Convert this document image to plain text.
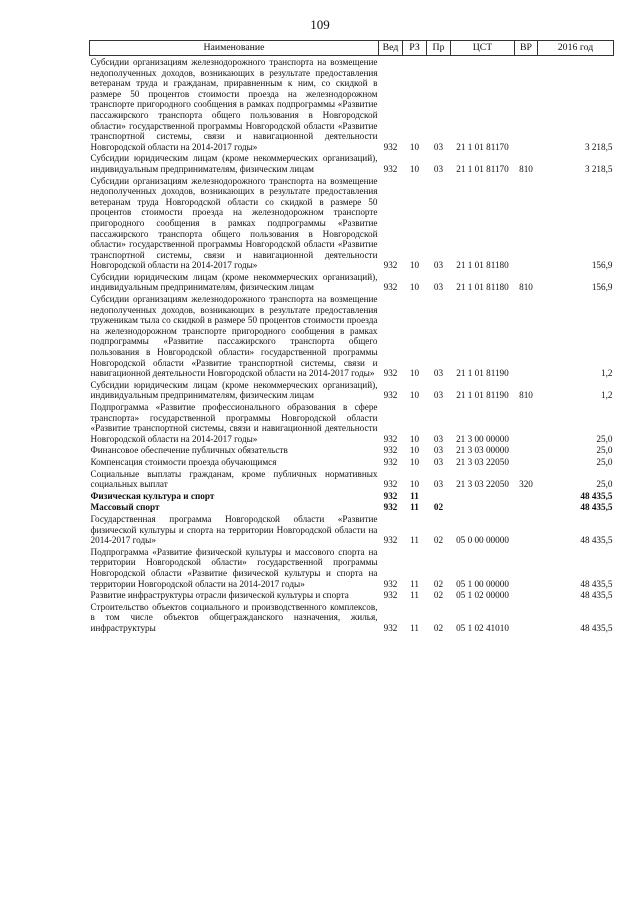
109
Наименование	Вед	РЗ	Пр	ЦСТ	ВР	2016 год
Субсидии организациям железнодорожного транспорта на возмещение недополученных доходов, возникающих в результате предоставления ветеранам труда и гражданам, приравненным к ним, со скидкой в размере 50 процентов стоимости проезда на железнодорожном транспорте пригородного сообщения в рамках подпрограммы «Развитие пассажирского транспорта общего пользования в Новгородской области» государственной программы Новгородской области «Развитие транспортной системы, связи и навигационной деятельности Новгородской области на 2014-2017 годы»	932	10	03	21 1 01 81170		3 218,5
Субсидии юридическим лицам (кроме некоммерческих организаций), индивидуальным предпринимателям, физическим лицам	932	10	03	21 1 01 81170	810	3 218,5
Субсидии организациям железнодорожного транспорта на возмещение недополученных доходов, возникающих в результате предоставления ветеранам труда Новгородской области со скидкой в размере 50 процентов стоимости проезда на железнодорожном транспорте пригородного сообщения в рамках подпрограммы «Развитие пассажирского транспорта общего пользования в Новгородской области» государственной программы Новгородской области «Развитие транспортной системы, связи и навигационной деятельности Новгородской области на 2014-2017 годы»	932	10	03	21 1 01 81180		156,9
Субсидии юридическим лицам (кроме некоммерческих организаций), индивидуальным предпринимателям, физическим лицам	932	10	03	21 1 01 81180	810	156,9
Субсидии организациям железнодорожного транспорта на возмещение недополученных доходов, возникающих в результате предоставления труженикам тыла со скидкой в размере 50 процентов стоимости проезда на железнодорожном транспорте пригородного сообщения в рамках подпрограммы «Развитие пассажирского транспорта общего пользования в Новгородской области» государственной программы Новгородской области «Развитие транспортной системы, связи и навигационной деятельности Новгородской области на 2014-2017 годы»	932	10	03	21 1 01 81190		1,2
Субсидии юридическим лицам (кроме некоммерческих организаций), индивидуальным предпринимателям, физическим лицам	932	10	03	21 1 01 81190	810	1,2
Подпрограмма «Развитие профессионального образования в сфере транспорта» государственной программы Новгородской области «Развитие транспортной системы, связи и навигационной деятельности Новгородской области на 2014-2017 годы»	932	10	03	21 3 00 00000		25,0
Финансовое обеспечение публичных обязательств	932	10	03	21 3 03 00000		25,0
Компенсация стоимости проезда обучающимся	932	10	03	21 3 03 22050		25,0
Социальные выплаты гражданам, кроме публичных нормативных социальных выплат	932	10	03	21 3 03 22050	320	25,0
Физическая культура и спорт	932	11				48 435,5
Массовый спорт	932	11	02			48 435,5
Государственная программа Новгородской области «Развитие физической культуры и спорта на территории Новгородской области на 2014-2017 годы»	932	11	02	05 0 00 00000		48 435,5
Подпрограмма «Развитие физической культуры и массового спорта на территории Новгородской области» государственной программы Новгородской области «Развитие физической культуры и спорта на территории Новгородской области на 2014-2017 годы»	932	11	02	05 1 00 00000		48 435,5
Развитие инфраструктуры отрасли физической культуры и спорта	932	11	02	05 1 02 00000		48 435,5
Строительство объектов социального и производственного комплексов, в том числе объектов общегражданского назначения, жилья, инфраструктуры	932	11	02	05 1 02 41010		48 435,5
